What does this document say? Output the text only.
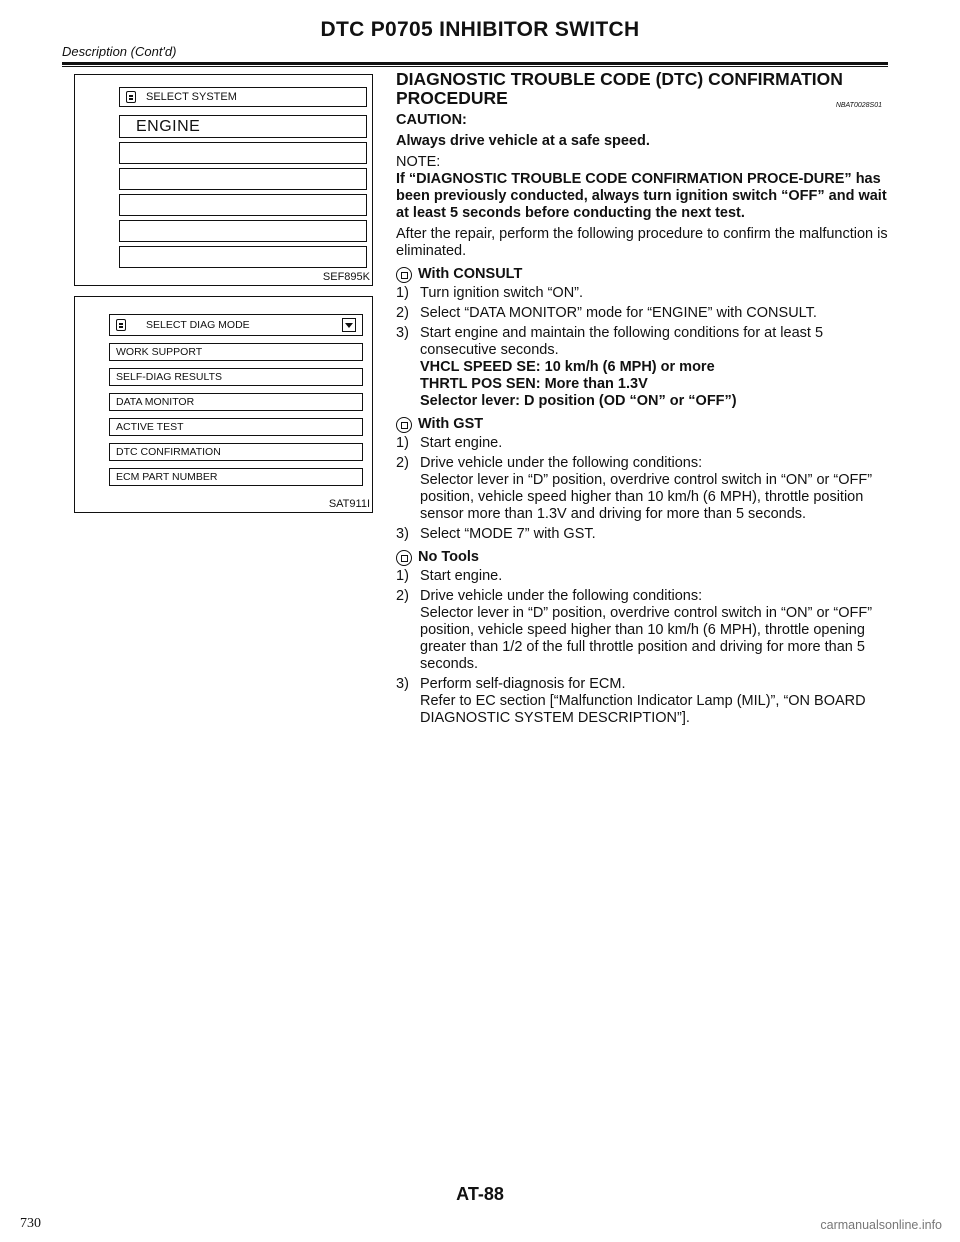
DTC P0705 INHIBITOR SWITCH
Description (Cont'd)
SELECT SYSTEM
ENGINE
SEF895K
SELECT DIAG MODE
WORK SUPPORT
SELF-DIAG RESULTS
DATA MONITOR
ACTIVE TEST
DTC CONFIRMATION
ECM PART NUMBER
SAT911I
DIAGNOSTIC TROUBLE CODE (DTC) CONFIRMATION
PROCEDURE	NBAT0028S01
CAUTION:
Always drive vehicle at a safe speed.
NOTE:
If “DIAGNOSTIC TROUBLE CODE CONFIRMATION PROCE-DURE” has been previously conducted, always turn ignition switch “OFF” and wait at least 5 seconds before conducting the next test.
After the repair, perform the following procedure to confirm the malfunction is eliminated.
With CONSULT
1) Turn ignition switch “ON”.
2) Select “DATA MONITOR” mode for “ENGINE” with CONSULT.
3) Start engine and maintain the following conditions for at least 5 consecutive seconds.
VHCL SPEED SE: 10 km/h (6 MPH) or more
THRTL POS SEN: More than 1.3V
Selector lever: D position (OD “ON” or “OFF”)
With GST
1) Start engine.
2) Drive vehicle under the following conditions:
Selector lever in “D” position, overdrive control switch in “ON” or “OFF” position, vehicle speed higher than 10 km/h (6 MPH), throttle position sensor more than 1.3V and driving for more than 5 seconds.
3) Select “MODE 7” with GST.
No Tools
1) Start engine.
2) Drive vehicle under the following conditions:
Selector lever in “D” position, overdrive control switch in “ON” or “OFF” position, vehicle speed higher than 10 km/h (6 MPH), throttle opening greater than 1/2 of the full throttle position and driving for more than 5 seconds.
3) Perform self-diagnosis for ECM.
Refer to EC section [“Malfunction Indicator Lamp (MIL)”, “ON BOARD DIAGNOSTIC SYSTEM DESCRIPTION”].
AT-88
730	carmanualsonline.info
